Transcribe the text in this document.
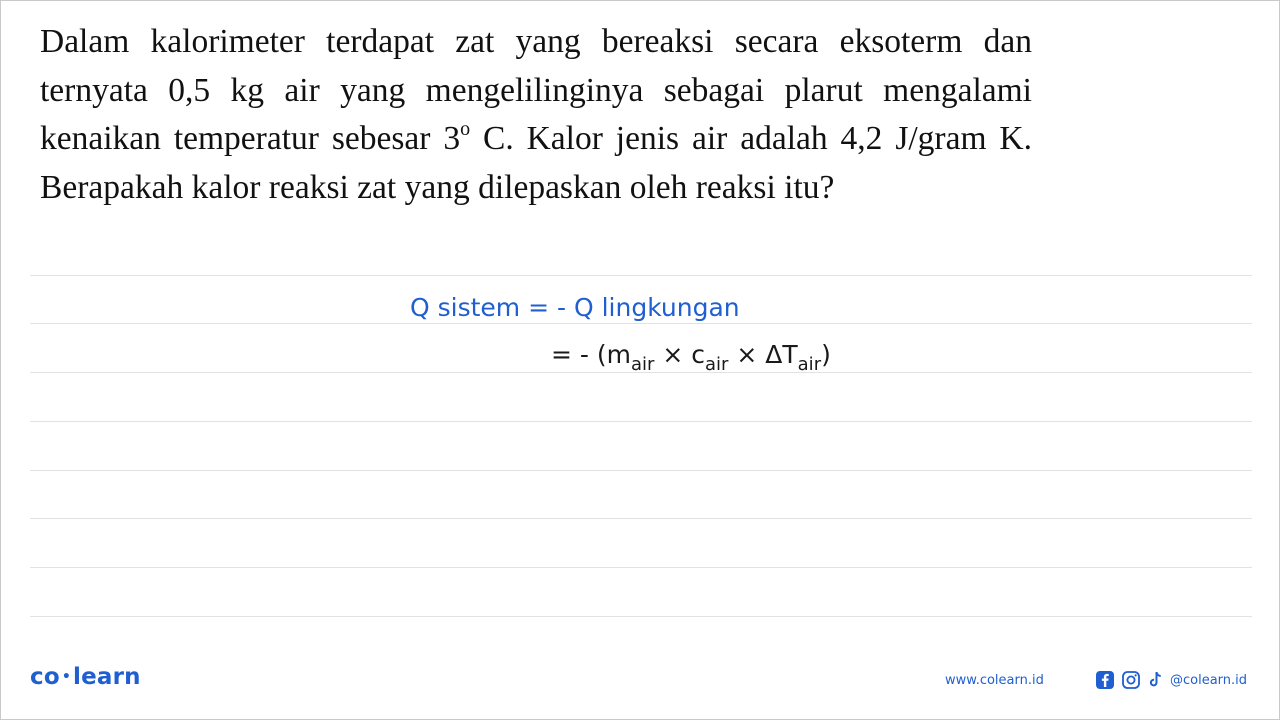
Dalam kalorimeter terdapat zat yang bereaksi secara eksoterm dan ternyata 0,5 kg air yang mengelilinginya sebagai plarut mengalami kenaikan temperatur sebesar 3$^o$ C. Kalor jenis air adalah 4,2 J/gram K. Berapakah kalor reaksi zat yang dilepaskan oleh reaksi itu?
Q sistem = - Q lingkungan
= - $(m_{air} \times c_{air} \times \Delta T_{air})$
co •learn	www.colearn.id	@colearn.id
